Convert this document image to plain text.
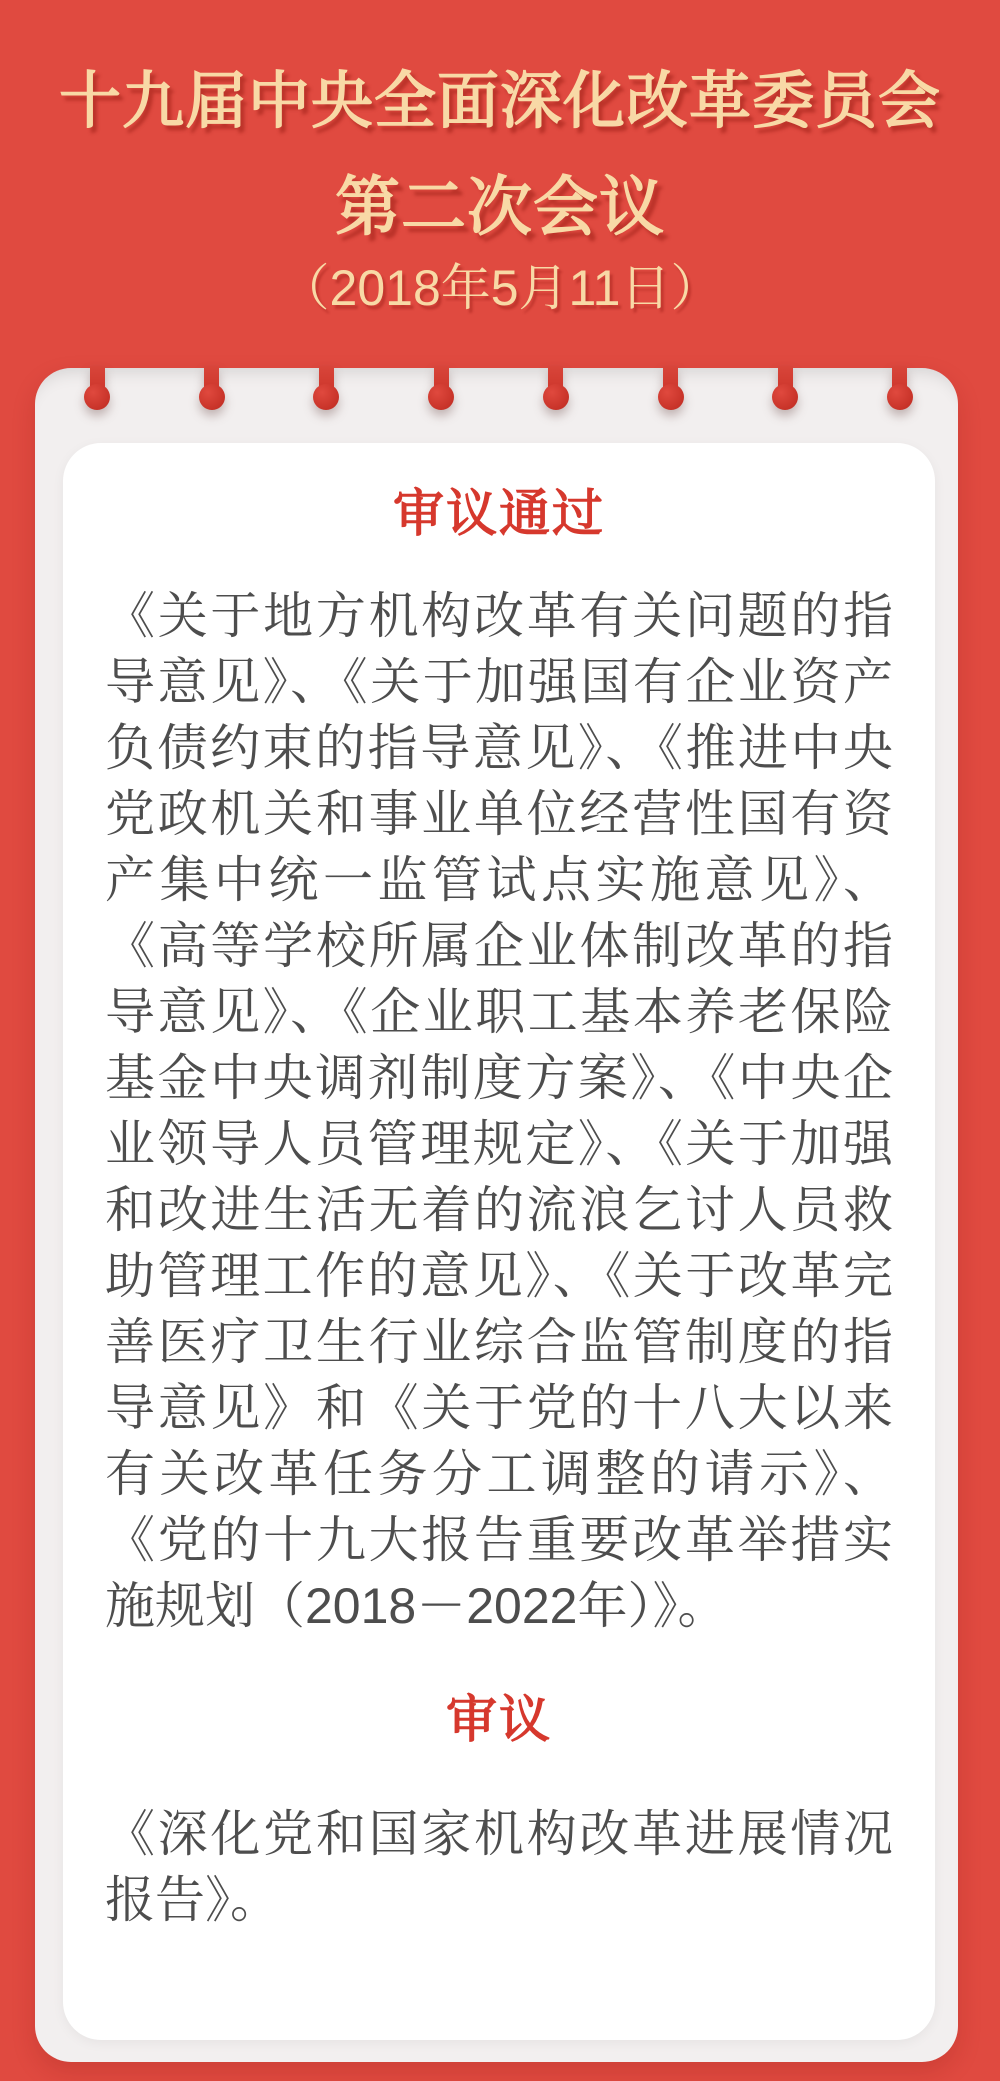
十九届中央全面深化改革委员会
第二次会议
（2018年5月11日）
审议通过
《关于地方机构改革有关问题的指导意见》、《关于加强国有企业资产负债约束的指导意见》、《推进中央党政机关和事业单位经营性国有资产集中统一监管试点实施意见》、《高等学校所属企业体制改革的指导意见》、《企业职工基本养老保险基金中央调剂制度方案》、《中央企业领导人员管理规定》、《关于加强和改进生活无着的流浪乞讨人员救助管理工作的意见》、《关于改革完善医疗卫生行业综合监管制度的指导意见》和《关于党的十八大以来有关改革任务分工调整的请示》、《党的十九大报告重要改革举措实施规划（2018－2022年）》。
审议
《深化党和国家机构改革进展情况报告》。
